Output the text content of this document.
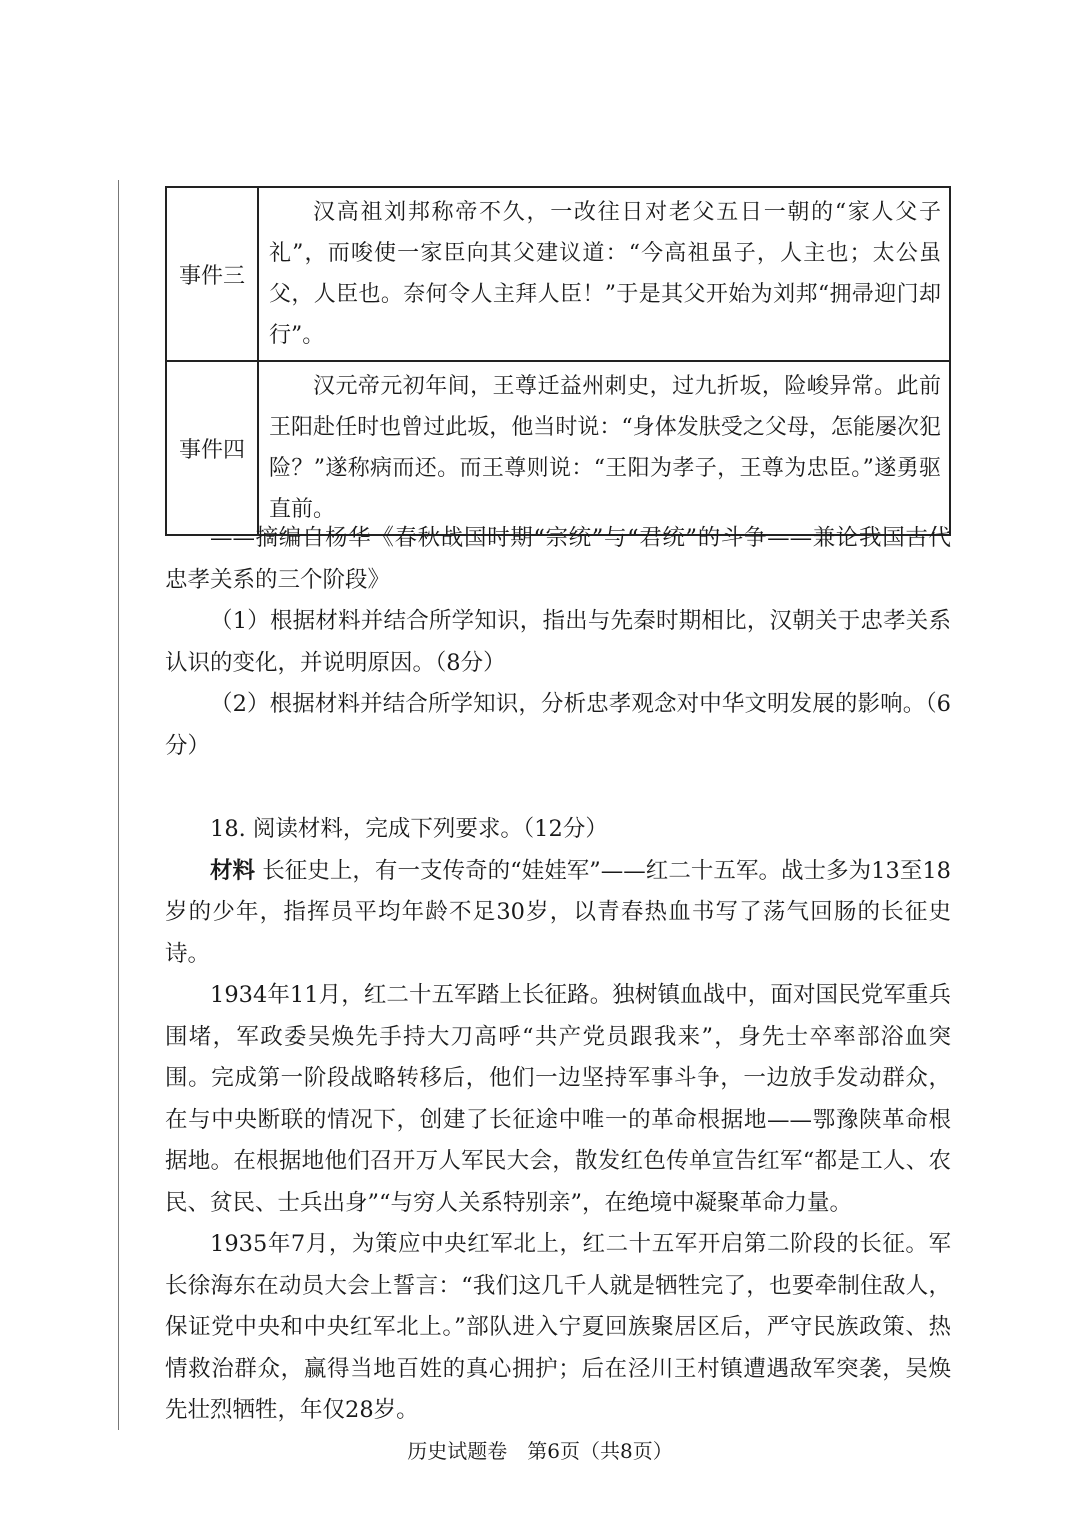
事件三	汉高祖刘邦称帝不久，一改往日对老父五日一朝的“家人父子礼”，而唆使一家臣向其父建议道：“今高祖虽子，人主也；太公虽父，人臣也。奈何令人主拜人臣！”于是其父开始为刘邦“拥帚迎门却行”。
事件四	汉元帝元初年间，王尊迁益州刺史，过九折坂，险峻异常。此前王阳赴任时也曾过此坂，他当时说：“身体发肤受之父母，怎能屡次犯险？”遂称病而还。而王尊则说：“王阳为孝子，王尊为忠臣。”遂勇驱直前。

——摘编自杨华《春秋战国时期“宗统”与“君统”的斗争——兼论我国古代忠孝关系的三个阶段》

（1）根据材料并结合所学知识，指出与先秦时期相比，汉朝关于忠孝关系认识的变化，并说明原因。（8分）

（2）根据材料并结合所学知识，分析忠孝观念对中华文明发展的影响。（6分）

18. 阅读材料，完成下列要求。（12分）

材料 长征史上，有一支传奇的“娃娃军”——红二十五军。战士多为13至18岁的少年，指挥员平均年龄不足30岁，以青春热血书写了荡气回肠的长征史诗。

1934年11月，红二十五军踏上长征路。独树镇血战中，面对国民党军重兵围堵，军政委吴焕先手持大刀高呼“共产党员跟我来”，身先士卒率部浴血突围。完成第一阶段战略转移后，他们一边坚持军事斗争，一边放手发动群众，在与中央断联的情况下，创建了长征途中唯一的革命根据地——鄂豫陕革命根据地。在根据地他们召开万人军民大会，散发红色传单宣告红军“都是工人、农民、贫民、士兵出身”“与穷人关系特别亲”，在绝境中凝聚革命力量。

1935年7月，为策应中央红军北上，红二十五军开启第二阶段的长征。军长徐海东在动员大会上誓言：“我们这几千人就是牺牲完了，也要牵制住敌人，保证党中央和中央红军北上。”部队进入宁夏回族聚居区后，严守民族政策、热情救治群众，赢得当地百姓的真心拥护；后在泾川王村镇遭遇敌军突袭，吴焕先壮烈牺牲，年仅28岁。

历史试题卷　第6页（共8页）
